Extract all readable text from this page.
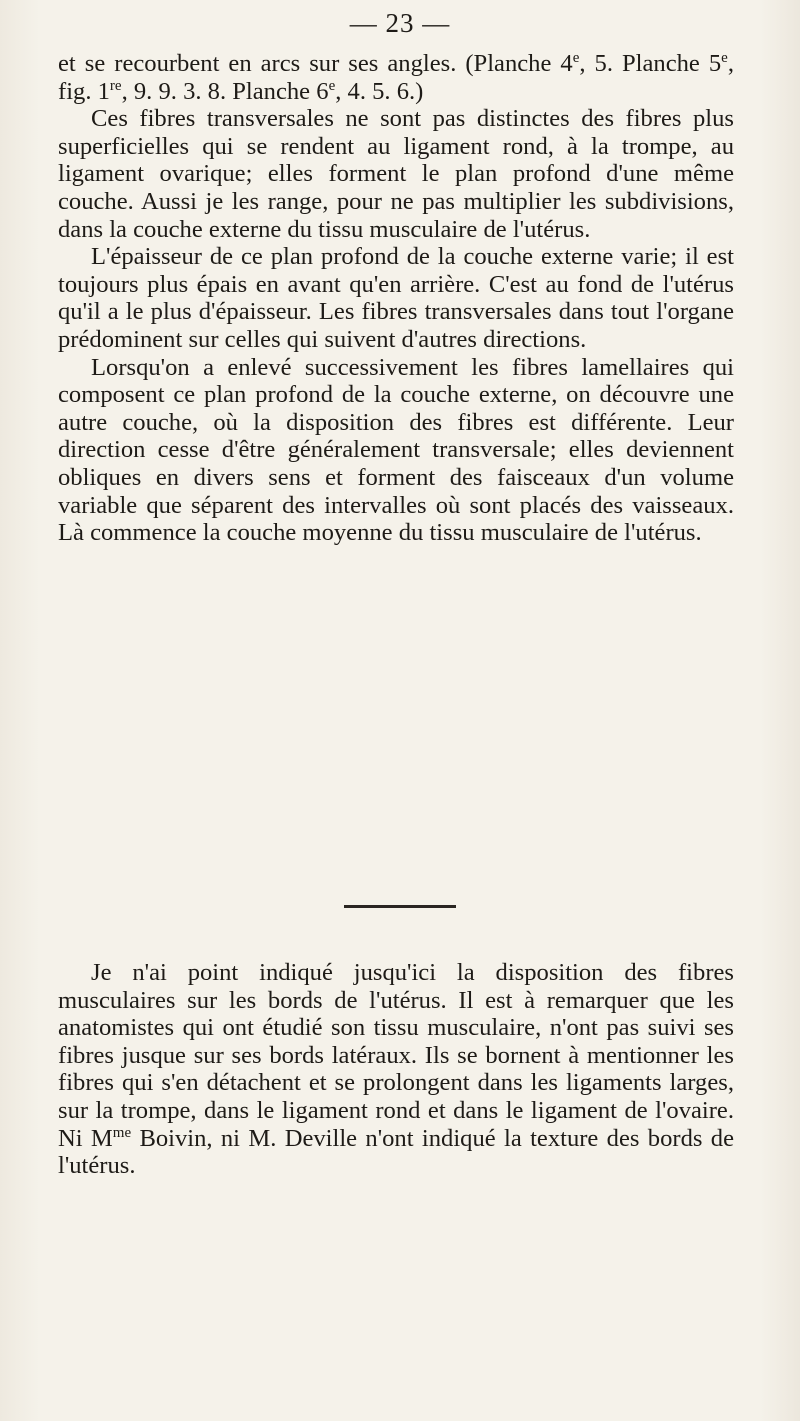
— 23 —

et se recourbent en arcs sur ses angles. (Planche 4e, 5. Planche 5e, fig. 1re, 9. 9. 3. 8. Planche 6e, 4. 5. 6.)

Ces fibres transversales ne sont pas distinctes des fibres plus superficielles qui se rendent au ligament rond, à la trompe, au ligament ovarique; elles forment le plan profond d'une même couche. Aussi je les range, pour ne pas multiplier les subdivisions, dans la couche externe du tissu musculaire de l'utérus.

L'épaisseur de ce plan profond de la couche externe varie; il est toujours plus épais en avant qu'en arrière. C'est au fond de l'utérus qu'il a le plus d'épaisseur. Les fibres transversales dans tout l'organe prédominent sur celles qui suivent d'autres directions.

Lorsqu'on a enlevé successivement les fibres lamellaires qui composent ce plan profond de la couche externe, on découvre une autre couche, où la disposition des fibres est différente. Leur direction cesse d'être généralement transversale; elles deviennent obliques en divers sens et forment des faisceaux d'un volume variable que séparent des intervalles où sont placés des vaisseaux. Là commence la couche moyenne du tissu musculaire de l'utérus.

Je n'ai point indiqué jusqu'ici la disposition des fibres musculaires sur les bords de l'utérus. Il est à remarquer que les anatomistes qui ont étudié son tissu musculaire, n'ont pas suivi ses fibres jusque sur ses bords latéraux. Ils se bornent à mentionner les fibres qui s'en détachent et se prolongent dans les ligaments larges, sur la trompe, dans le ligament rond et dans le ligament de l'ovaire. Ni $M^{me}$ Boivin, ni M. Deville n'ont indiqué la texture des bords de l'utérus.
